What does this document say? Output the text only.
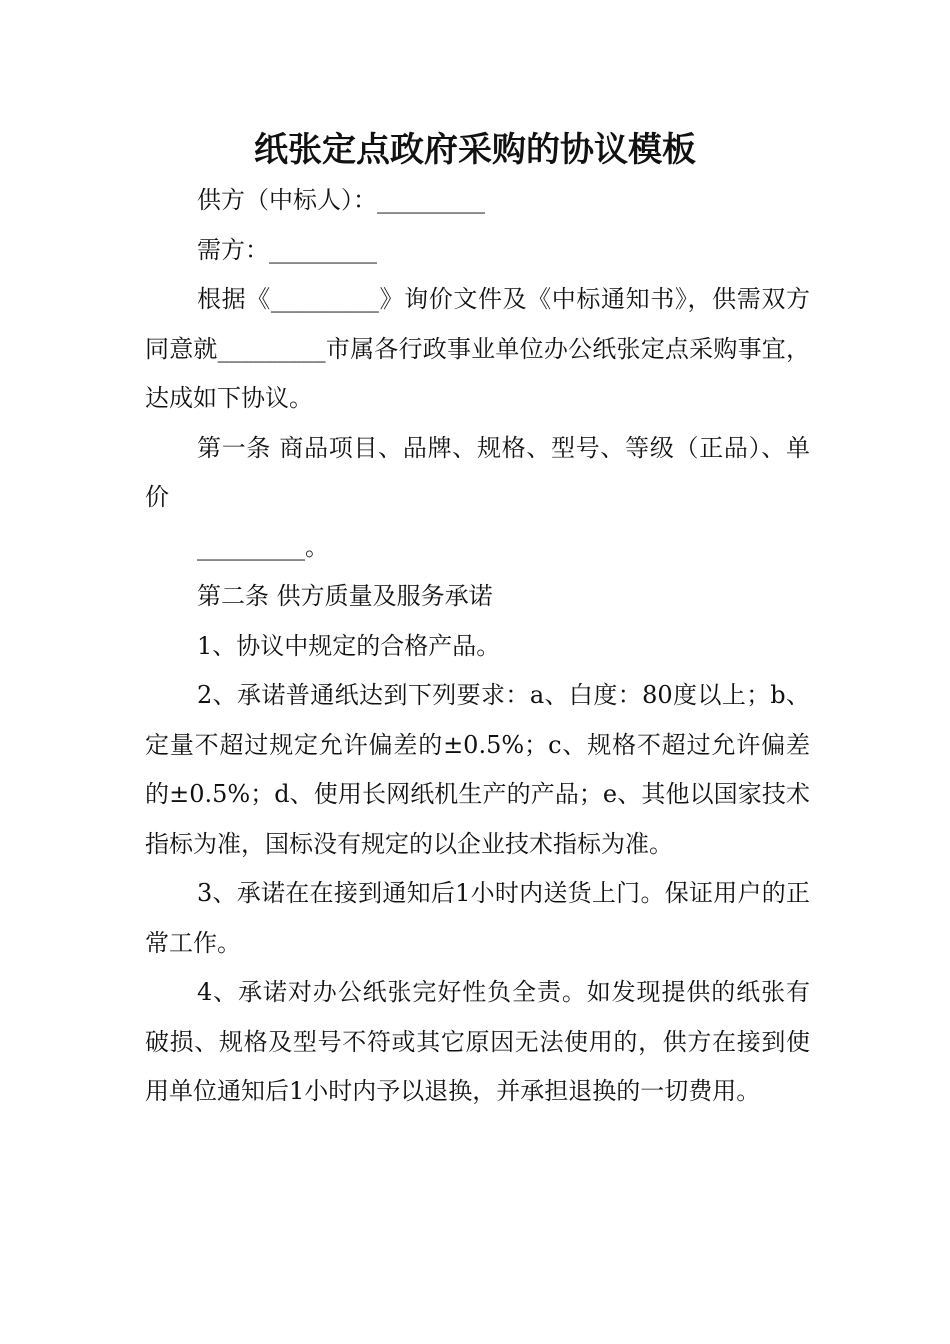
纸张定点政府采购的协议模板

供方（中标人）：_________

需方：_________

根据《_________》询价文件及《中标通知书》，供需双方同意就_________市属各行政事业单位办公纸张定点采购事宜，达成如下协议。

第一条 商品项目、品牌、规格、型号、等级（正品）、单价

_________。

第二条 供方质量及服务承诺

1、协议中规定的合格产品。

2、承诺普通纸达到下列要求：a、白度：80度以上；b、定量不超过规定允许偏差的±0.5%；c、规格不超过允许偏差的±0.5%；d、使用长网纸机生产的产品；e、其他以国家技术指标为准，国标没有规定的以企业技术指标为准。

3、承诺在在接到通知后1小时内送货上门。保证用户的正常工作。

4、承诺对办公纸张完好性负全责。如发现提供的纸张有破损、规格及型号不符或其它原因无法使用的，供方在接到使用单位通知后1小时内予以退换，并承担退换的一切费用。
